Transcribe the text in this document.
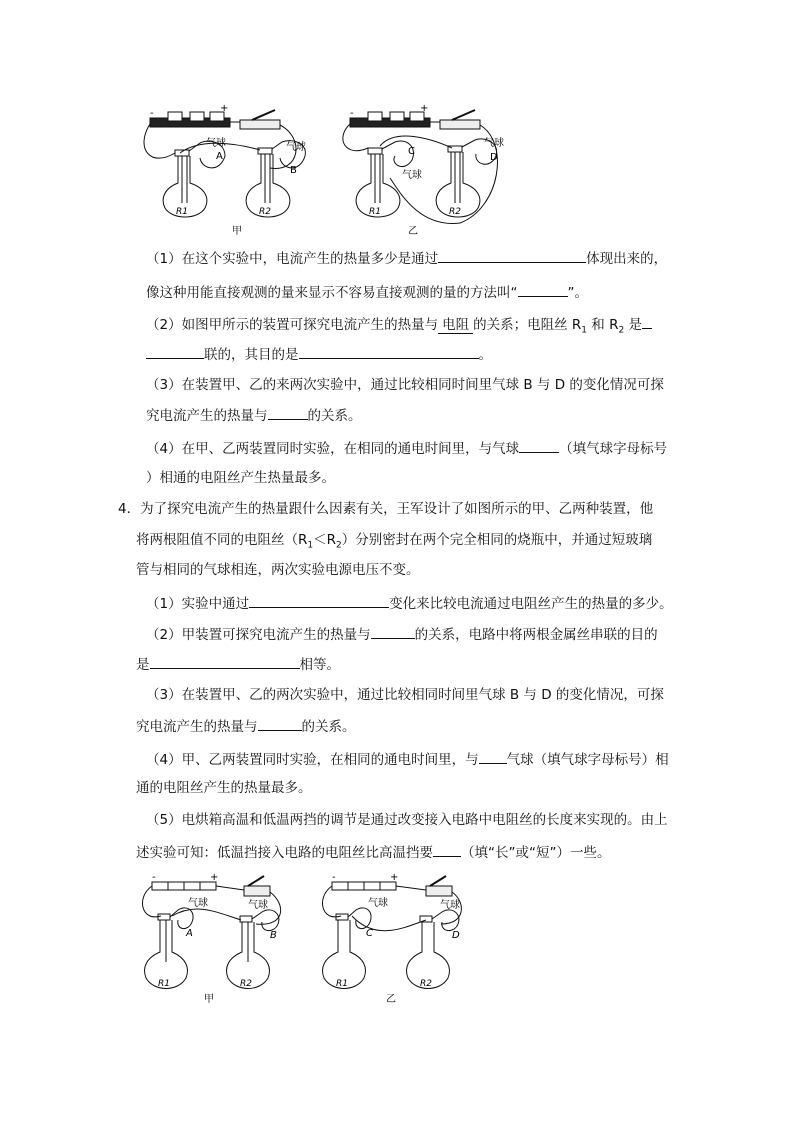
-	+
气球
A
气球
B
R1	R2
甲
-	+
C
气球
气球
D
R1	R2
乙
（1）在这个实验中，电流产生的热量多少是通过	体现出来的，
像这种用能直接观测的量来显示不容易直接观测的量的方法叫“	”。
（2）如图甲所示的装置可探究电流产生的热量与 电阻 的关系；电阻丝 $R_1$ 和 $R_2$ 是
联的，其目的是	。
（3）在装置甲、乙的来两次实验中，通过比较相同时间里气球 B 与 D 的变化情况可探
究电流产生的热量与	的关系。
（4）在甲、乙两装置同时实验，在相同的通电时间里，与气球	（填气球字母标号
）相通的电阻丝产生热量最多。
4．为了探究电流产生的热量跟什么因素有关，王军设计了如图所示的甲、乙两种装置，他
将两根阻值不同的电阻丝$(R_1<R_2)$分别密封在两个完全相同的烧瓶中，并通过短玻璃
管与相同的气球相连，两次实验电源电压不变。
（1）实验中通过	变化来比较电流通过电阻丝产生的热量的多少。
（2）甲装置可探究电流产生的热量与	的关系，电路中将两根金属丝串联的目的
是	相等。
（3）在装置甲、乙的两次实验中，通过比较相同时间里气球 B 与 D 的变化情况，可探
究电流产生的热量与	的关系。
（4）甲、乙两装置同时实验，在相同的通电时间里，与 气球（填气球字母标号）相
通的电阻丝产生的热量最多。
（5）电烘箱高温和低温两挡的调节是通过改变接入电路中电阻丝的长度来实现的。由上
述实验可知：低温挡接入电路的电阻丝比高温挡要 （填“长”或“短”）一些。
-	+
气球
A
气球
B
R1	R2
甲
-	+
气球
C
气球
D
R1	R2
乙
